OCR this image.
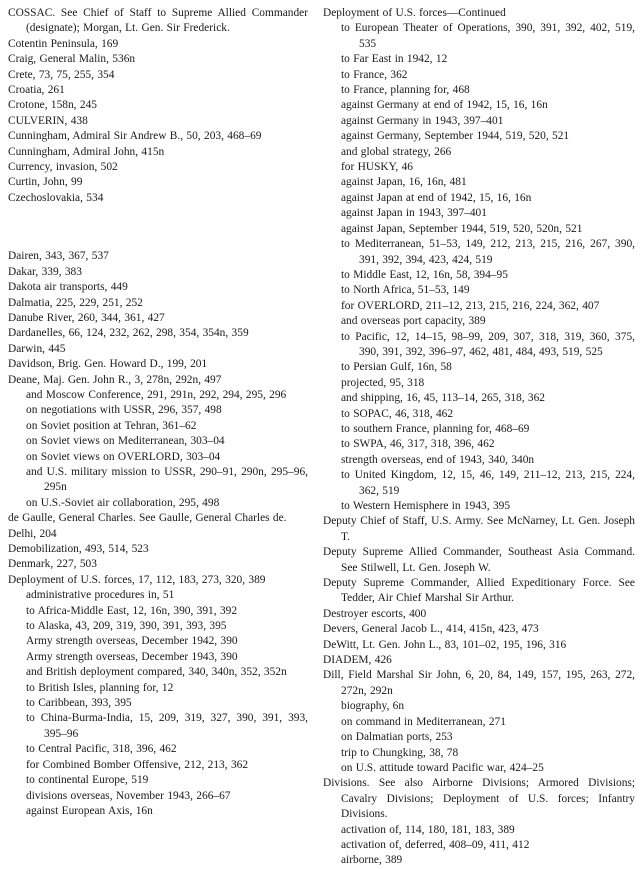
COSSAC. See Chief of Staff to Supreme Allied Commander (designate); Morgan, Lt. Gen. Sir Frederick.
Cotentin Peninsula, 169
Craig, General Malin, 536n
Crete, 73, 75, 255, 354
Croatia, 261
Crotone, 158n, 245
CULVERIN, 438
Cunningham, Admiral Sir Andrew B., 50, 203, 468–69
Cunningham, Admiral John, 415n
Currency, invasion, 502
Curtin, John, 99
Czechoslovakia, 534
Dairen, 343, 367, 537
Dakar, 339, 383
Dakota air transports, 449
Dalmatia, 225, 229, 251, 252
Danube River, 260, 344, 361, 427
Dardanelles, 66, 124, 232, 262, 298, 354, 354n, 359
Darwin, 445
Davidson, Brig. Gen. Howard D., 199, 201
Deane, Maj. Gen. John R., 3, 278n, 292n, 497
and Moscow Conference, 291, 291n, 292, 294, 295, 296
on negotiations with USSR, 296, 357, 498
on Soviet position at Tehran, 361–62
on Soviet views on Mediterranean, 303–04
on Soviet views on OVERLORD, 303–04
and U.S. military mission to USSR, 290–91, 290n, 295–96, 295n
on U.S.-Soviet air collaboration, 295, 498
de Gaulle, General Charles. See Gaulle, General Charles de.
Delhi, 204
Demobilization, 493, 514, 523
Denmark, 227, 503
Deployment of U.S. forces, 17, 112, 183, 273, 320, 389
administrative procedures in, 51
to Africa-Middle East, 12, 16n, 390, 391, 392
to Alaska, 43, 209, 319, 390, 391, 393, 395
Army strength overseas, December 1942, 390
Army strength overseas, December 1943, 390
and British deployment compared, 340, 340n, 352, 352n
to British Isles, planning for, 12
to Caribbean, 393, 395
to China-Burma-India, 15, 209, 319, 327, 390, 391, 393, 395–96
to Central Pacific, 318, 396, 462
for Combined Bomber Offensive, 212, 213, 362
to continental Europe, 519
divisions overseas, November 1943, 266–67
against European Axis, 16n
Deployment of U.S. forces—Continued
to European Theater of Operations, 390, 391, 392, 402, 519, 535
to Far East in 1942, 12
to France, 362
to France, planning for, 468
against Germany at end of 1942, 15, 16, 16n
against Germany in 1943, 397–401
against Germany, September 1944, 519, 520, 521
and global strategy, 266
for HUSKY, 46
against Japan, 16, 16n, 481
against Japan at end of 1942, 15, 16, 16n
against Japan in 1943, 397–401
against Japan, September 1944, 519, 520, 520n, 521
to Mediterranean, 51–53, 149, 212, 213, 215, 216, 267, 390, 391, 392, 394, 423, 424, 519
to Middle East, 12, 16n, 58, 394–95
to North Africa, 51–53, 149
for OVERLORD, 211–12, 213, 215, 216, 224, 362, 407
and overseas port capacity, 389
to Pacific, 12, 14–15, 98–99, 209, 307, 318, 319, 360, 375, 390, 391, 392, 396–97, 462, 481, 484, 493, 519, 525
to Persian Gulf, 16n, 58
projected, 95, 318
and shipping, 16, 45, 113–14, 265, 318, 362
to SOPAC, 46, 318, 462
to southern France, planning for, 468–69
to SWPA, 46, 317, 318, 396, 462
strength overseas, end of 1943, 340, 340n
to United Kingdom, 12, 15, 46, 149, 211–12, 213, 215, 224, 362, 519
to Western Hemisphere in 1943, 395
Deputy Chief of Staff, U.S. Army. See McNarney, Lt. Gen. Joseph T.
Deputy Supreme Allied Commander, Southeast Asia Command. See Stilwell, Lt. Gen. Joseph W.
Deputy Supreme Commander, Allied Expeditionary Force. See Tedder, Air Chief Marshal Sir Arthur.
Destroyer escorts, 400
Devers, General Jacob L., 414, 415n, 423, 473
DeWitt, Lt. Gen. John L., 83, 101–02, 195, 196, 316
DIADEM, 426
Dill, Field Marshal Sir John, 6, 20, 84, 149, 157, 195, 263, 272, 272n, 292n
biography, 6n
on command in Mediterranean, 271
on Dalmatian ports, 253
trip to Chungking, 38, 78
on U.S. attitude toward Pacific war, 424–25
Divisions. See also Airborne Divisions; Armored Divisions; Cavalry Divisions; Deployment of U.S. forces; Infantry Divisions.
activation of, 114, 180, 181, 183, 389
activation of, deferred, 408–09, 411, 412
airborne, 389
